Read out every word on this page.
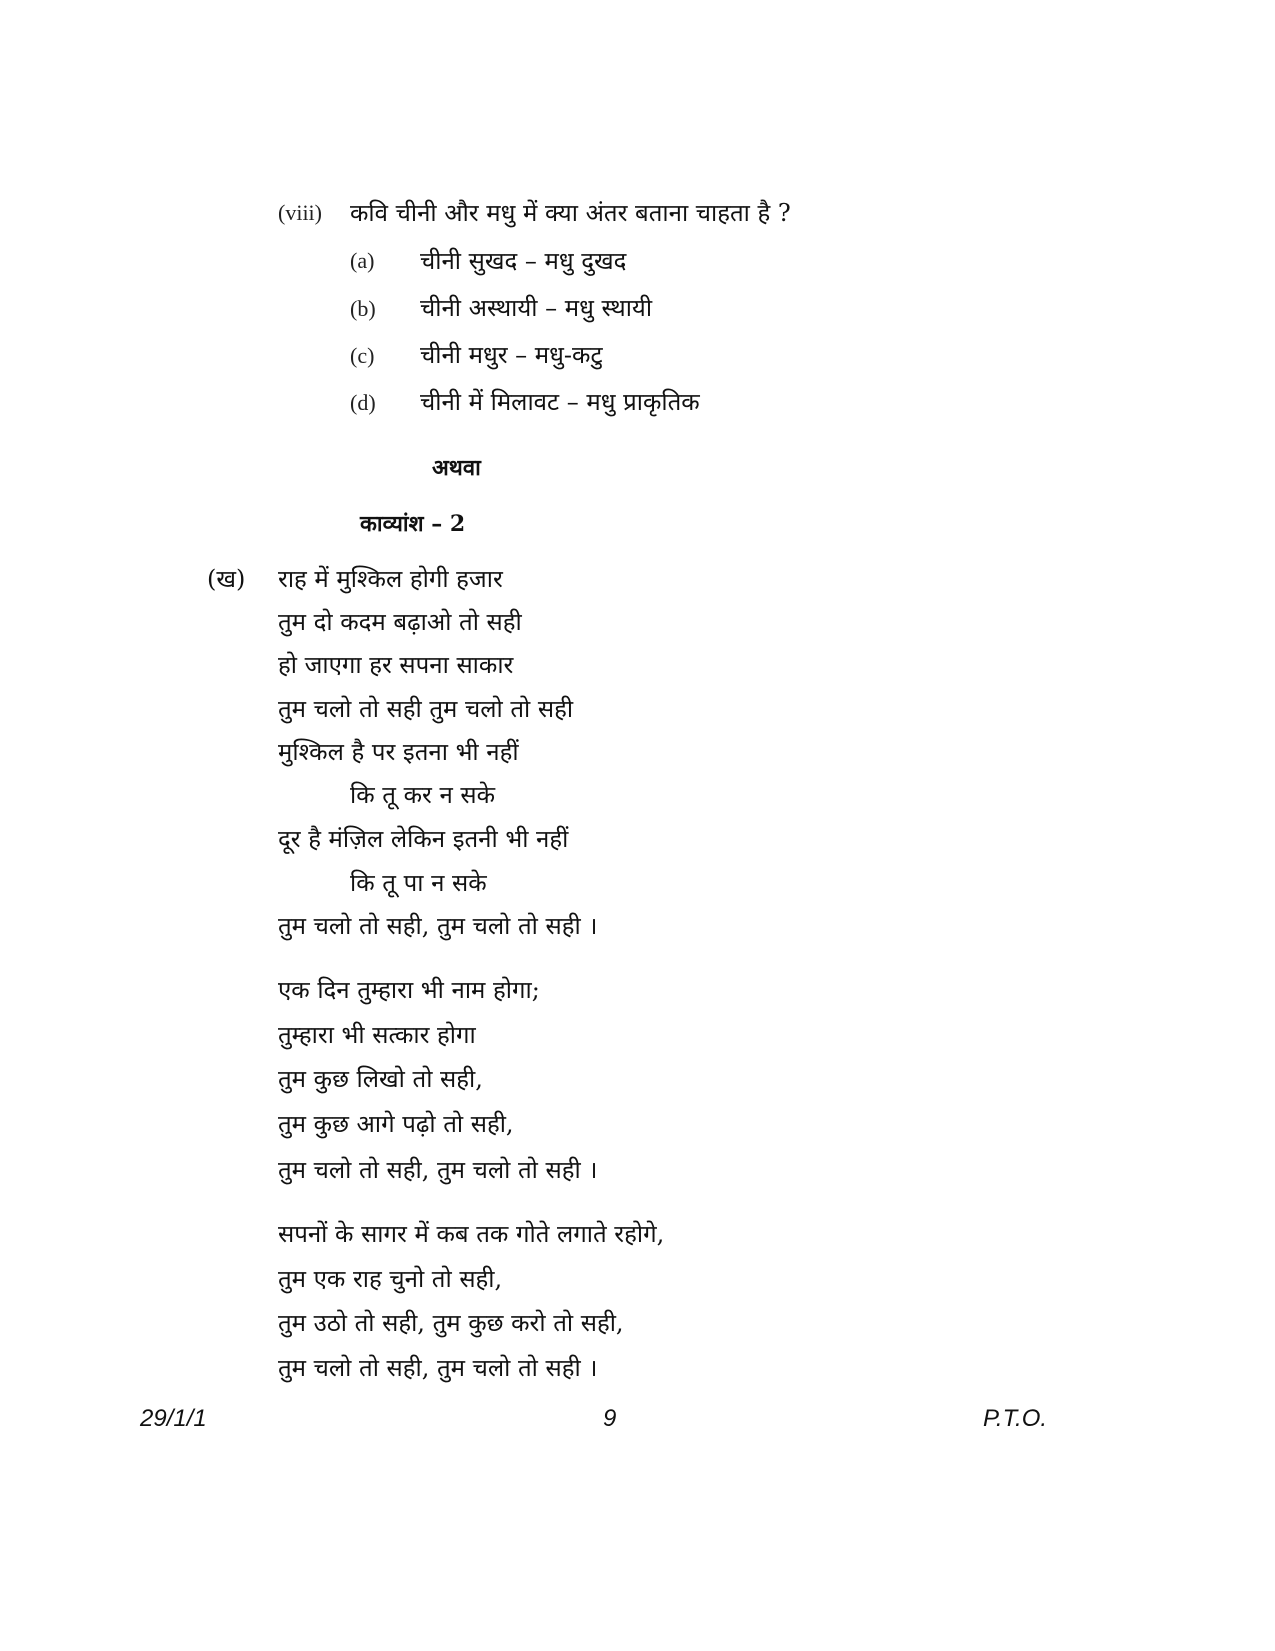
(viii) कवि चीनी और मधु में क्या अंतर बताना चाहता है ?
(a) चीनी सुखद – मधु दुखद
(b) चीनी अस्थायी – मधु स्थायी
(c) चीनी मधुर – मधु-कटु
(d) चीनी में मिलावट – मधु प्राकृतिक
अथवा
काव्यांश – 2
(ख) राह में मुश्किल होगी हजार
तुम दो कदम बढ़ाओ तो सही
हो जाएगा हर सपना साकार
तुम चलो तो सही तुम चलो तो सही
मुश्किल है पर इतना भी नहीं
कि तू कर न सके
दूर है मंज़िल लेकिन इतनी भी नहीं
कि तू पा न सके
तुम चलो तो सही, तुम चलो तो सही ।
एक दिन तुम्हारा भी नाम होगा;
तुम्हारा भी सत्कार होगा
तुम कुछ लिखो तो सही,
तुम कुछ आगे पढ़ो तो सही,
तुम चलो तो सही, तुम चलो तो सही ।
सपनों के सागर में कब तक गोते लगाते रहोगे,
तुम एक राह चुनो तो सही,
तुम उठो तो सही, तुम कुछ करो तो सही,
तुम चलो तो सही, तुम चलो तो सही ।
29/1/1	9	P.T.O.
